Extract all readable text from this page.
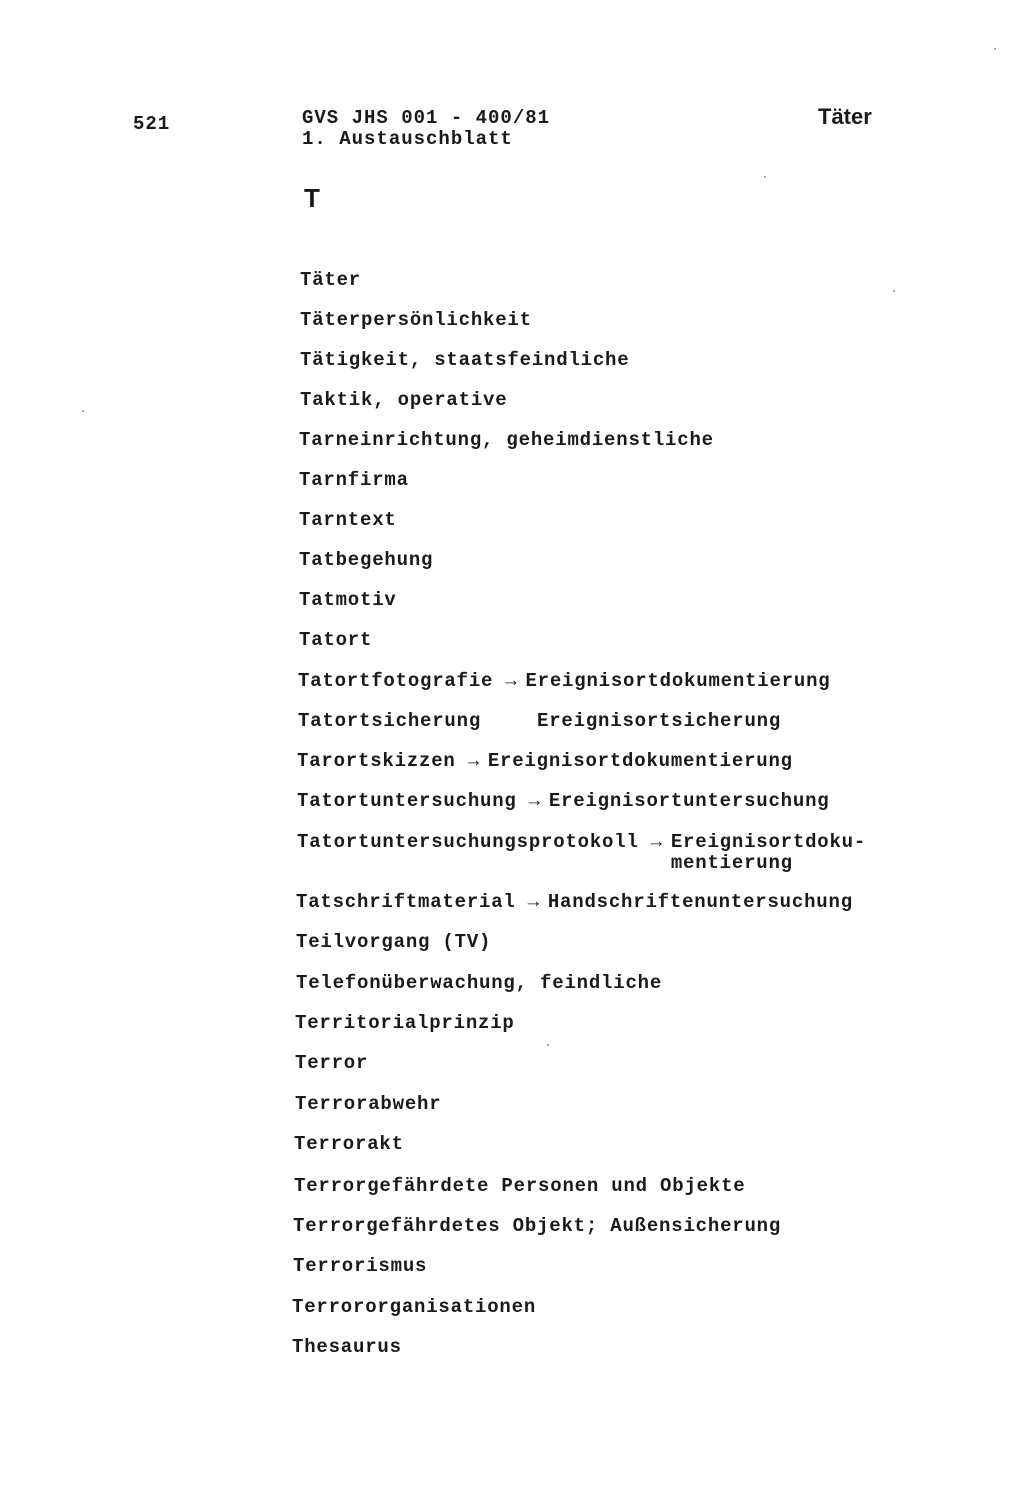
521	GVS JHS 001 - 400/81
1. Austauschblatt
Täter
T
Täter
Täterpersönlichkeit
Tätigkeit, staatsfeindliche
Taktik, operative
Tarneinrichtung, geheimdienstliche
Tarnfirma
Tarntext
Tatbegehung
Tatmotiv
Tatort
Tatortfotografie → Ereignisortdokumentierung
Tatortsicherung	Ereignisortsicherung
Tarortskizzen → Ereignisortdokumentierung
Tatortuntersuchung → Ereignisortuntersuchung
Tatortuntersuchungsprotokoll → Ereignisortdoku-
mentierung
Tatschriftmaterial → Handschriftenuntersuchung
Teilvorgang (TV)
Telefonüberwachung, feindliche
Territorialprinzip
Terror
Terrorabwehr
Terrorakt
Terrorgefährdete Personen und Objekte
Terrorgefährdetes Objekt; Außensicherung
Terrorismus
Terrororganisationen
Thesaurus
